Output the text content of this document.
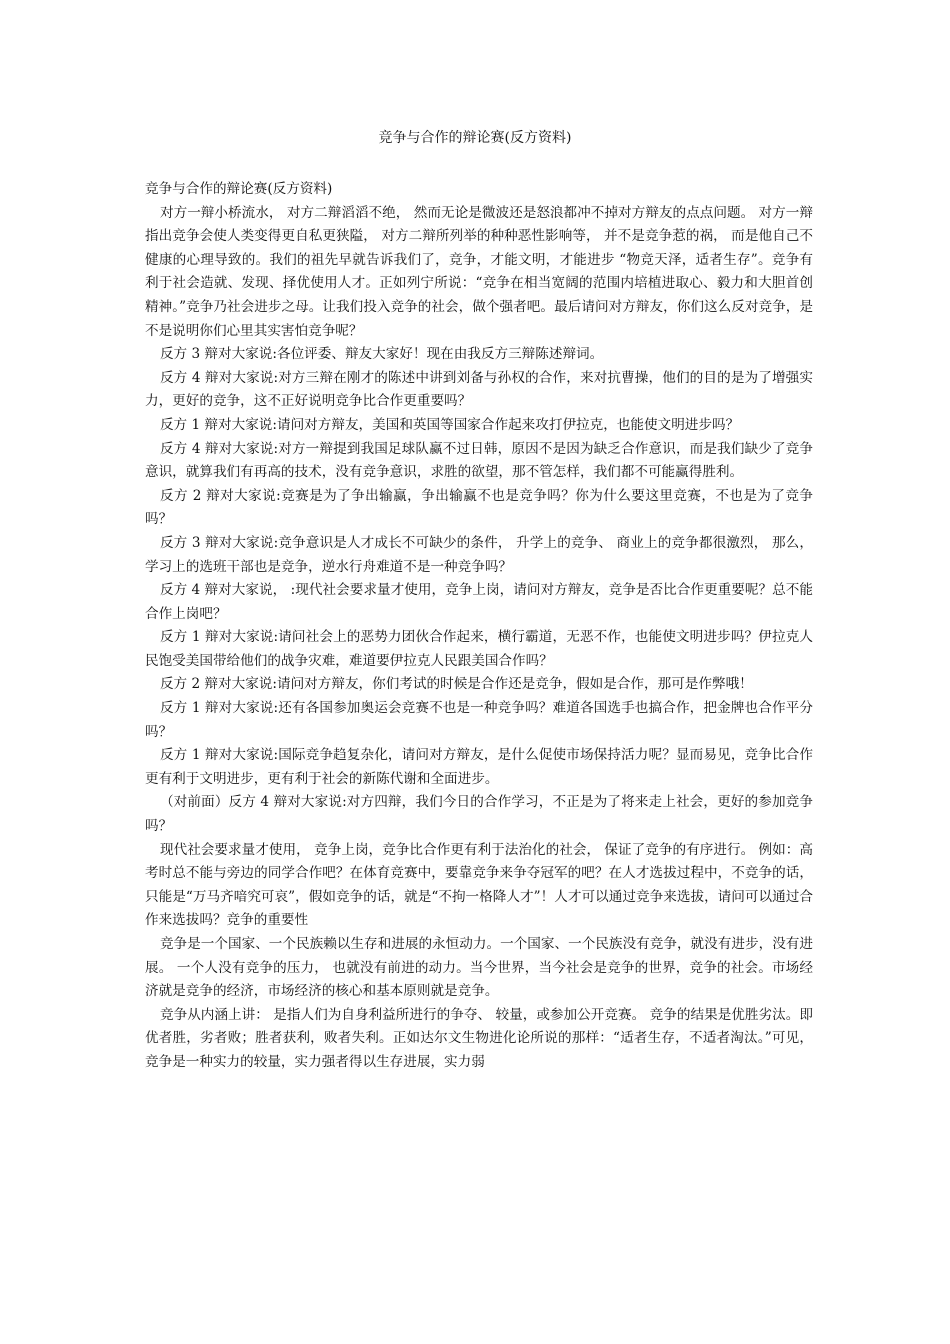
竞争与合作的辩论赛(反方资料)

竞争与合作的辩论赛(反方资料)

对方一辩小桥流水， 对方二辩滔滔不绝， 然而无论是微波还是怒浪都冲不掉对方辩友的点点问题。 对方一辩指出竞争会使人类变得更自私更狭隘， 对方二辩所列举的种种恶性影响等， 并不是竞争惹的祸， 而是他自己不健康的心理导致的。我们的祖先早就告诉我们了，竞争，才能文明，才能进步 “物竞天泽，适者生存”。竞争有利于社会造就、发现、择优使用人才。正如列宁所说：“竞争在相当宽阔的范围内培植进取心、毅力和大胆首创精神。”竞争乃社会进步之母。让我们投入竞争的社会，做个强者吧。最后请问对方辩友，你们这么反对竞争，是不是说明你们心里其实害怕竞争呢？

反方 3 辩对大家说:各位评委、辩友大家好！现在由我反方三辩陈述辩词。

反方 4 辩对大家说:对方三辩在刚才的陈述中讲到刘备与孙权的合作，来对抗曹操，他们的目的是为了增强实力，更好的竞争，这不正好说明竞争比合作更重要吗？

反方 1 辩对大家说:请问对方辩友，美国和英国等国家合作起来攻打伊拉克，也能使文明进步吗？

反方 4 辩对大家说:对方一辩提到我国足球队赢不过日韩，原因不是因为缺乏合作意识，而是我们缺少了竞争意识，就算我们有再高的技术，没有竞争意识，求胜的欲望，那不管怎样，我们都不可能赢得胜利。

反方 2 辩对大家说:竞赛是为了争出输赢，争出输赢不也是竞争吗？你为什么要这里竞赛，不也是为了竞争吗？

反方 3 辩对大家说:竞争意识是人才成长不可缺少的条件， 升学上的竞争、 商业上的竞争都很激烈， 那么，学习上的选班干部也是竞争，逆水行舟难道不是一种竞争吗？

反方 4 辩对大家说， :现代社会要求量才使用，竞争上岗，请问对方辩友，竞争是否比合作更重要呢？总不能合作上岗吧？

反方 1 辩对大家说:请问社会上的恶势力团伙合作起来，横行霸道，无恶不作，也能使文明进步吗？伊拉克人民饱受美国带给他们的战争灾难，难道要伊拉克人民跟美国合作吗？

反方 2 辩对大家说:请问对方辩友，你们考试的时候是合作还是竞争，假如是合作，那可是作弊哦！

反方 1 辩对大家说:还有各国参加奥运会竞赛不也是一种竞争吗？难道各国选手也搞合作，把金牌也合作平分吗？

反方 1 辩对大家说:国际竞争趋复杂化，请问对方辩友，是什么促使市场保持活力呢？显而易见，竞争比合作更有利于文明进步，更有利于社会的新陈代谢和全面进步。

（对前面）反方 4 辩对大家说:对方四辩，我们今日的合作学习，不正是为了将来走上社会，更好的参加竞争吗？

现代社会要求量才使用， 竞争上岗，竞争比合作更有利于法治化的社会， 保证了竞争的有序进行。 例如：高考时总不能与旁边的同学合作吧？在体育竞赛中，要靠竞争来争夺冠军的吧？在人才选拔过程中，不竞争的话，只能是“万马齐喑究可哀”，假如竞争的话，就是“不拘一格降人才”！人才可以通过竞争来选拔，请问可以通过合作来选拔吗？竞争的重要性

竞争是一个国家、一个民族赖以生存和进展的永恒动力。一个国家、一个民族没有竞争，就没有进步，没有进展。 一个人没有竞争的压力， 也就没有前进的动力。当今世界，当今社会是竞争的世界，竞争的社会。市场经济就是竞争的经济，市场经济的核心和基本原则就是竞争。

竞争从内涵上讲： 是指人们为自身利益所进行的争夺、 较量，或参加公开竞赛。 竞争的结果是优胜劣汰。即优者胜，劣者败；胜者获利，败者失利。正如达尔文生物进化论所说的那样：“适者生存，不适者淘汰。”可见，竞争是一种实力的较量，实力强者得以生存进展，实力弱
